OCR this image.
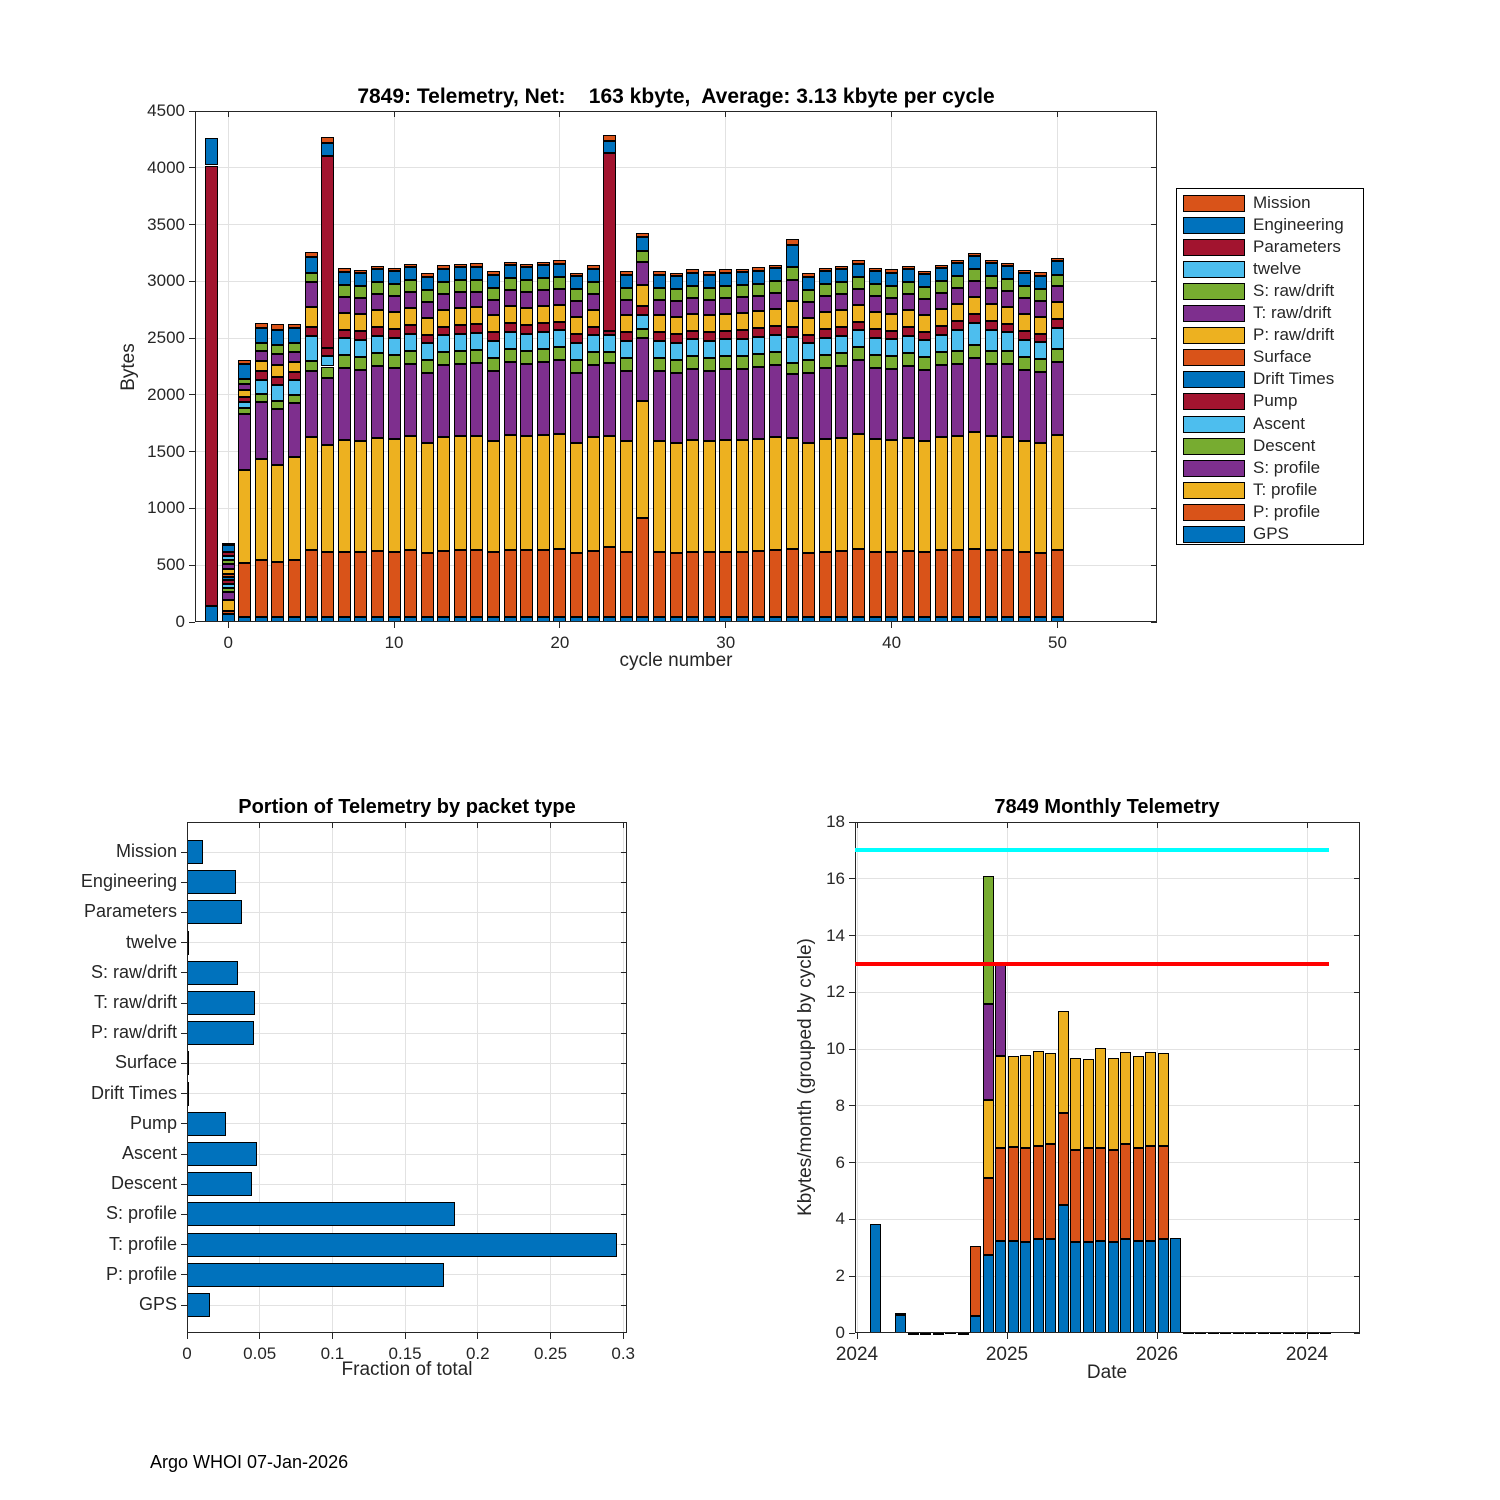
7849: Telemetry, Net:    163 kbyte,  Average: 3.13 kbyte per cycle
Bytes
cycle number
Portion of Telemetry by packet type
Fraction of total
7849 Monthly Telemetry
Kbytes/month (grouped by cycle)
Date
Argo WHOI 07-Jan-2026
0	10	20	30	40	50
0
500
1000
1500
2000
2500
3000
3500
4000
4500
Mission
Engineering
Parameters
twelve
S: raw/drift
T: raw/drift
P: raw/drift
Surface
Drift Times
Pump
Ascent
Descent
S: profile
T: profile
P: profile
GPS
0	0.05	0.1	0.15	0.2	0.25	0.3
Mission
Engineering
Parameters
twelve
S: raw/drift
T: raw/drift
P: raw/drift
Surface
Drift Times
Pump
Ascent
Descent
S: profile
T: profile
P: profile
GPS
2024	2025	2026	2024
0
2
4
6
8
10
12
14
16
18
